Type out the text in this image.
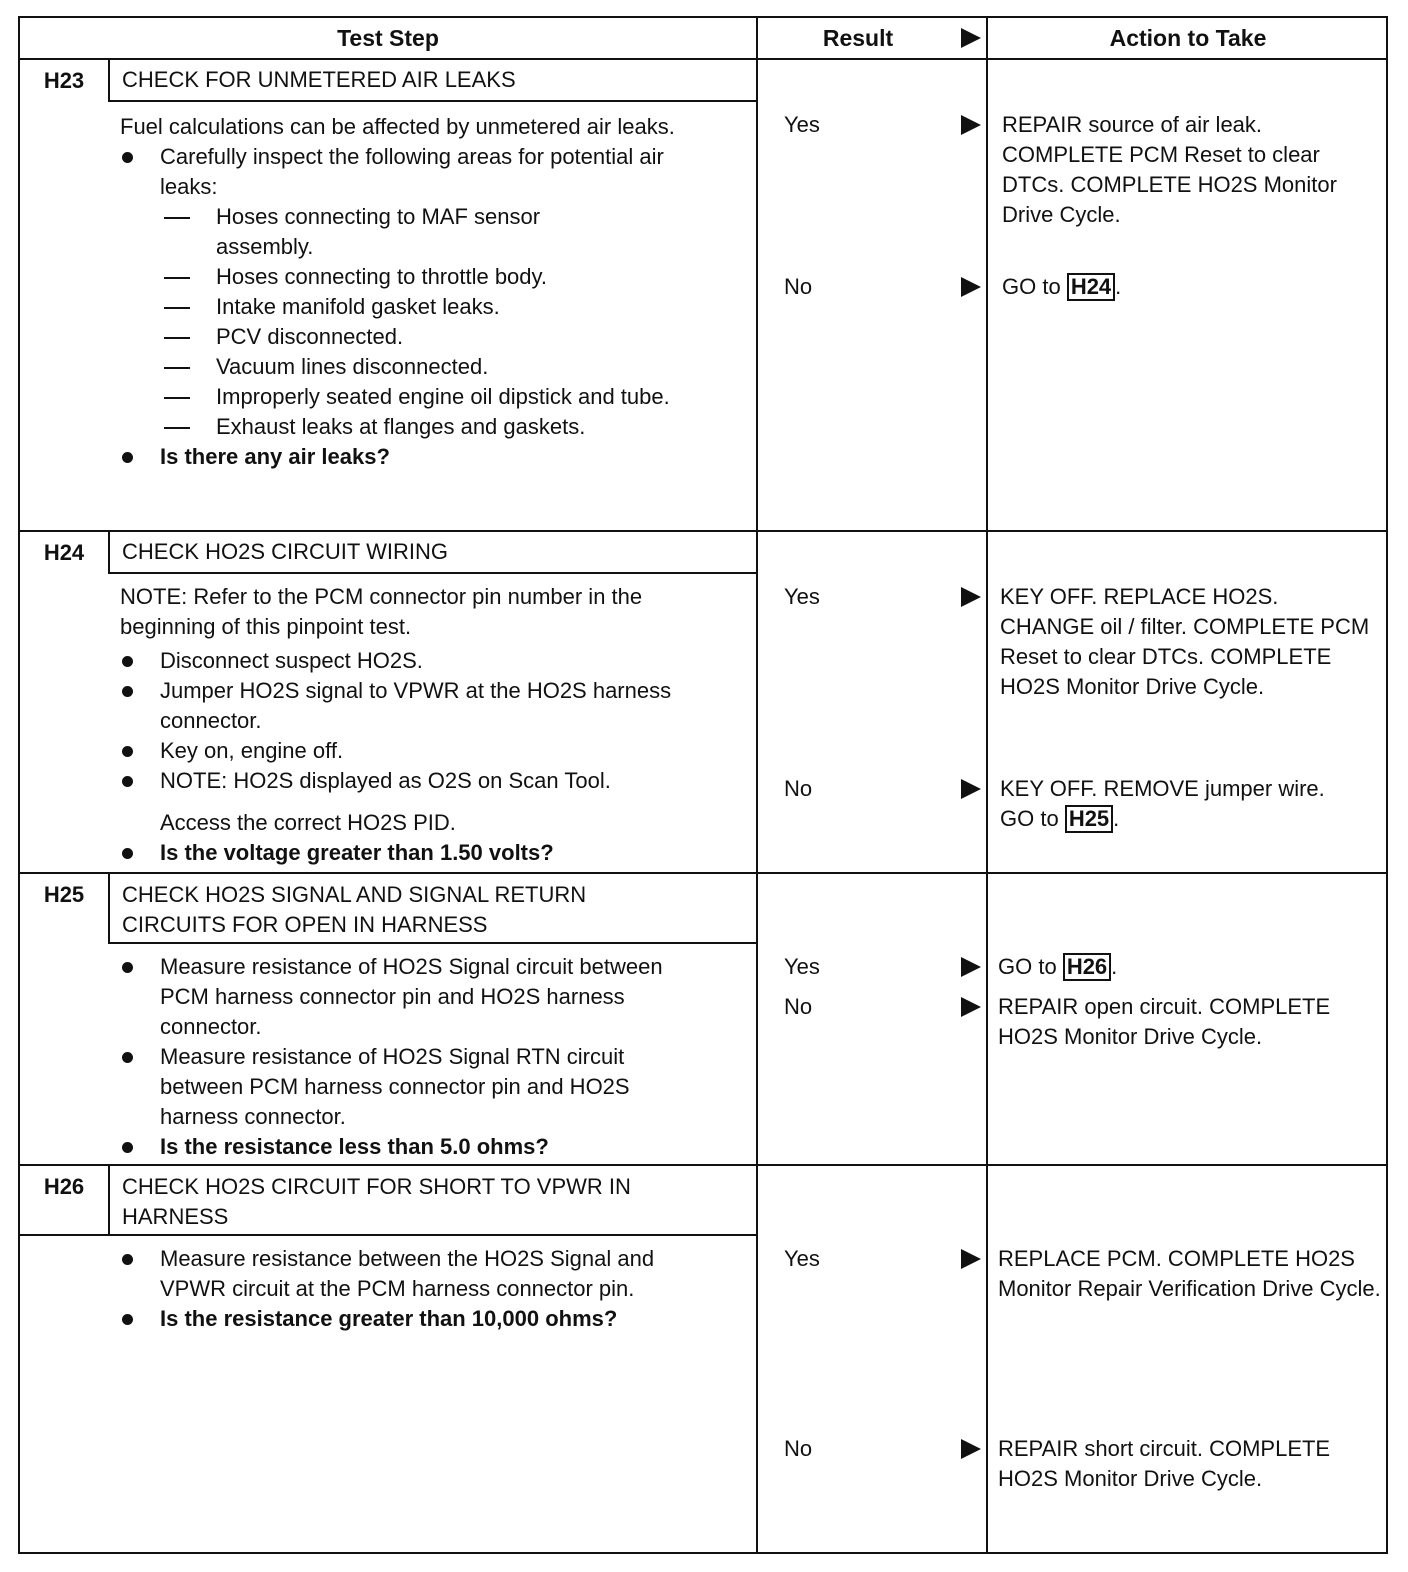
Test Step	Result	Action to Take
H23	CHECK FOR UNMETERED AIR LEAKS

Fuel calculations can be affected by unmetered air leaks.

Carefully inspect the following areas for potential air leaks:

Hoses connecting to MAF sensor assembly.

Hoses connecting to throttle body.

Intake manifold gasket leaks.

PCV disconnected.

Vacuum lines disconnected.

Improperly seated engine oil dipstick and tube.

Exhaust leaks at flanges and gaskets.

Is there any air leaks?

Yes	REPAIR source of air leak. COMPLETE PCM Reset to clear DTCs. COMPLETE HO2S Monitor Drive Cycle.
No	GO to H24 .
H24	CHECK HO2S CIRCUIT WIRING

NOTE: Refer to the PCM connector pin number in the beginning of this pinpoint test.

Disconnect suspect HO2S.

Jumper HO2S signal to VPWR at the HO2S harness connector.

Key on, engine off.

NOTE: HO2S displayed as O2S on Scan Tool.

Access the correct HO2S PID.

Is the voltage greater than 1.50 volts?

Yes	KEY OFF. REPLACE HO2S. CHANGE oil / filter. COMPLETE PCM Reset to clear DTCs. COMPLETE HO2S Monitor Drive Cycle.
No	KEY OFF. REMOVE jumper wire. GO to H25 .
H25	CHECK HO2S SIGNAL AND SIGNAL RETURN CIRCUITS FOR OPEN IN HARNESS

Measure resistance of HO2S Signal circuit between PCM harness connector pin and HO2S harness connector.

Measure resistance of HO2S Signal RTN circuit between PCM harness connector pin and HO2S harness connector.

Is the resistance less than 5.0 ohms?

Yes	GO to H26 .
No	REPAIR open circuit. COMPLETE HO2S Monitor Drive Cycle.
H26	CHECK HO2S CIRCUIT FOR SHORT TO VPWR IN HARNESS

Measure resistance between the HO2S Signal and VPWR circuit at the PCM harness connector pin.

Is the resistance greater than 10,000 ohms?

Yes	REPLACE PCM. COMPLETE HO2S Monitor Repair Verification Drive Cycle.
No	REPAIR short circuit. COMPLETE HO2S Monitor Drive Cycle.
